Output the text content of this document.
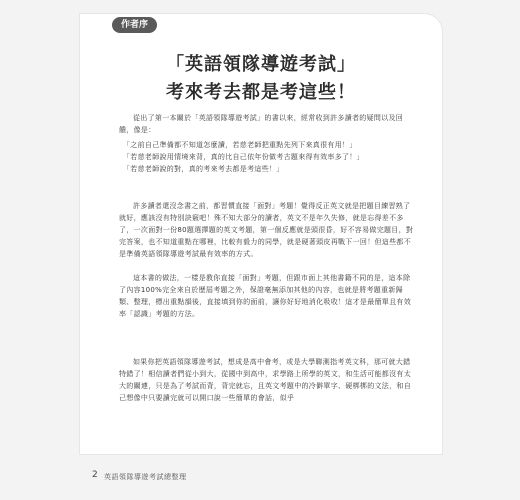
作者序
「英語領隊導遊考試」
考來考去都是考這些！
從出了第一本關於「英語領隊導遊考試」的書以來，經常收到許多讀者的疑問以及回饋，像是：
「之前自己準備都不知道怎麼讀，若慈老師把重點先列下來真很有用！」
「若慈老師說用情境來背，真的比自己依年份做考古題來得有效率多了！」
「若慈老師說的對，真的考來考去都是考這些！」
許多讀者還沒念書之前，都習慣直接「面對」考題！覺得反正英文就是把題目練習熟了就好，應該沒有特別訣竅吧！殊不知大部分的讀者，英文不是年久失修，就是忘得差不多了，一次面對一份80題選擇題的英文考題，第一個反應就是頭很昏，好不容易做完題目，對完答案，也不知道重點在哪裡，比較有毅力的同學，就是硬著頭皮再戰下一回！但這些都不是準備英語領隊導遊考試最有效率的方式。
這本書的做法，一樣是教你直接「面對」考題，但跟市面上其他書籍不同的是，這本除了內容100%完全來自於歷屆考題之外，保證毫無添加其他的內容，也就是將考題重新歸類、整理，標出重點韻後，直接填到你的面前，讓你好好地消化吸收！這才是最簡單且有效率「認識」考題的方法。
如果你把英語領隊導遊考試，想成是高中會考，或是大學聯測指考英文科，那可就大錯特錯了！相信讀者們從小到大，從國中到高中，求學路上所學的英文，和生活可能都沒有太大的關連，只是為了考試而背，背完就忘，且英文考題中的冷僻單字、硬梆梆的文法，和自己想像中只要讀完就可以開口說一些簡單的會話，似乎
2 英語領隊導遊考試總整理
